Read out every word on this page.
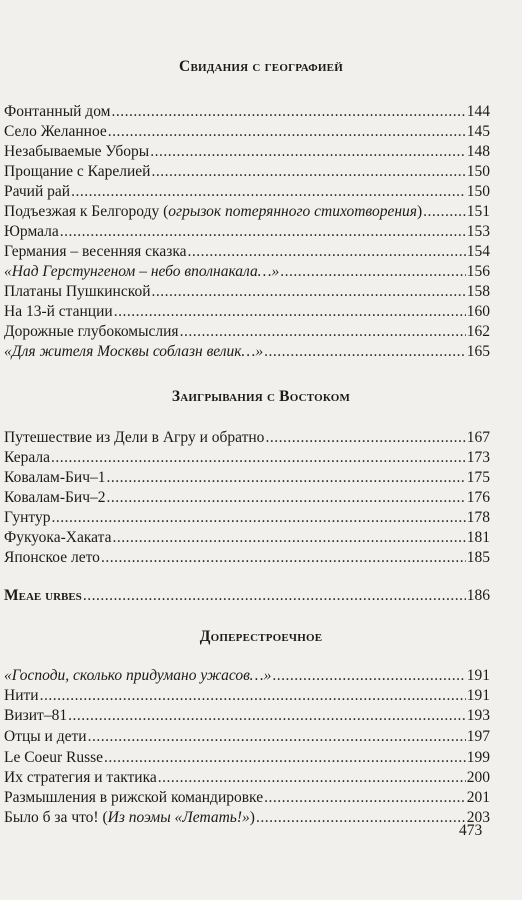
Свидания с географией
Фонтанный дом .....	144
Село Желанное .....	145
Незабываемые Уборы .....	148
Прощание с Карелией .....	150
Рачий рай .....	150
Подъезжая к Белгороду (огрызок потерянного стихотворения) .....	151
Юрмала .....	153
Германия – весенняя сказка .....	154
«Над Герстунгеном – небо вполнакала…» .....	156
Платаны Пушкинской .....	158
На 13-й станции .....	160
Дорожные глубокомыслия .....	162
«Для жителя Москвы соблазн велик…» .....	165
Заигрывания с Востоком
Путешествие из Дели в Агру и обратно .....	167
Керала .....	173
Ковалам-Бич–1 .....	175
Ковалам-Бич–2 .....	176
Гунтур .....	178
Фукуока-Хаката .....	181
Японское лето .....	185
Meae urbes .....	186
Доперестроечное
«Господи, сколько придумано ужасов…» .....	191
Нити .....	191
Визит–81 .....	193
Отцы и дети .....	197
Le Coeur Russe .....	199
Их стратегия и тактика .....	200
Размышления в рижской командировке .....	201
Было б за что! (Из поэмы «Летать!») .....	203
473
